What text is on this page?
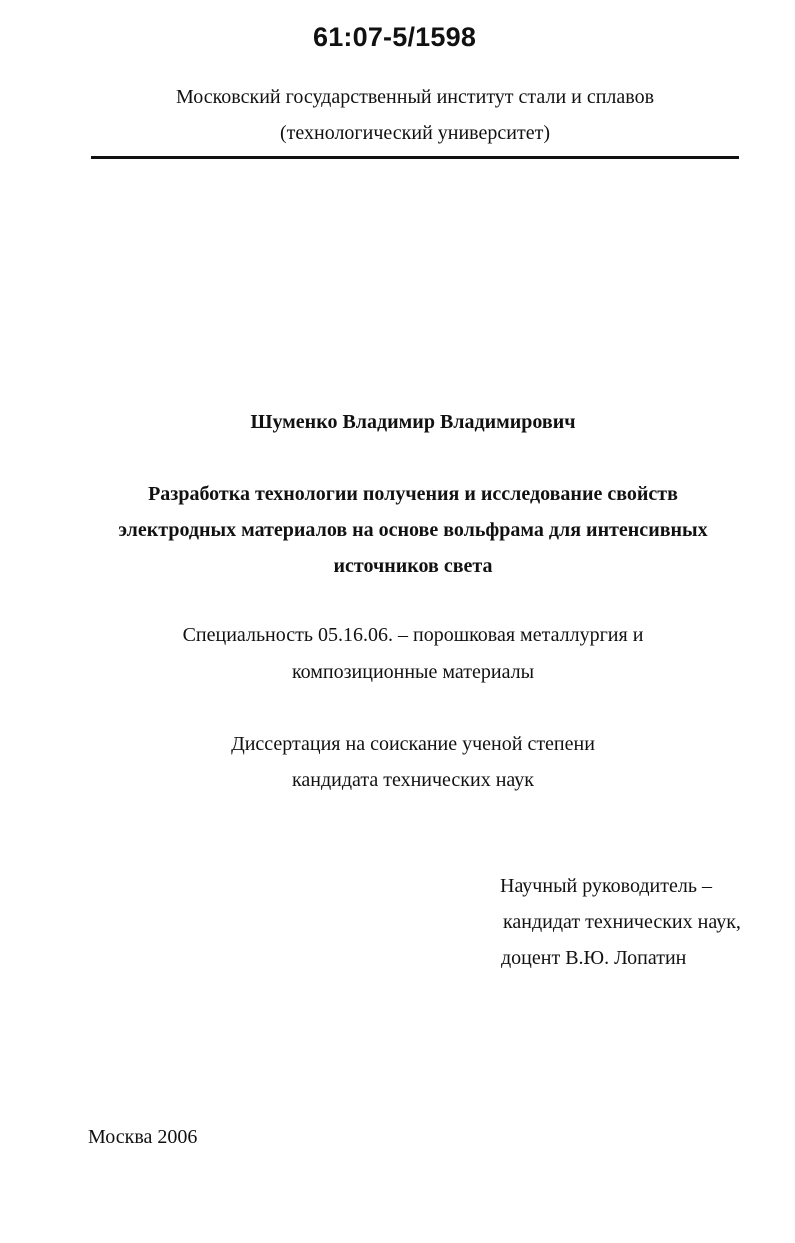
61:07-5/1598
Московский государственный институт стали и сплавов
(технологический университет)
Шуменко Владимир Владимирович
Разработка технологии получения и исследование свойств
электродных материалов на основе вольфрама для интенсивных
источников света
Специальность 05.16.06. – порошковая металлургия и
композиционные материалы
Диссертация на соискание ученой степени
кандидата технических наук
Научный руководитель –
кандидат технических наук,
доцент В.Ю. Лопатин
Москва 2006
